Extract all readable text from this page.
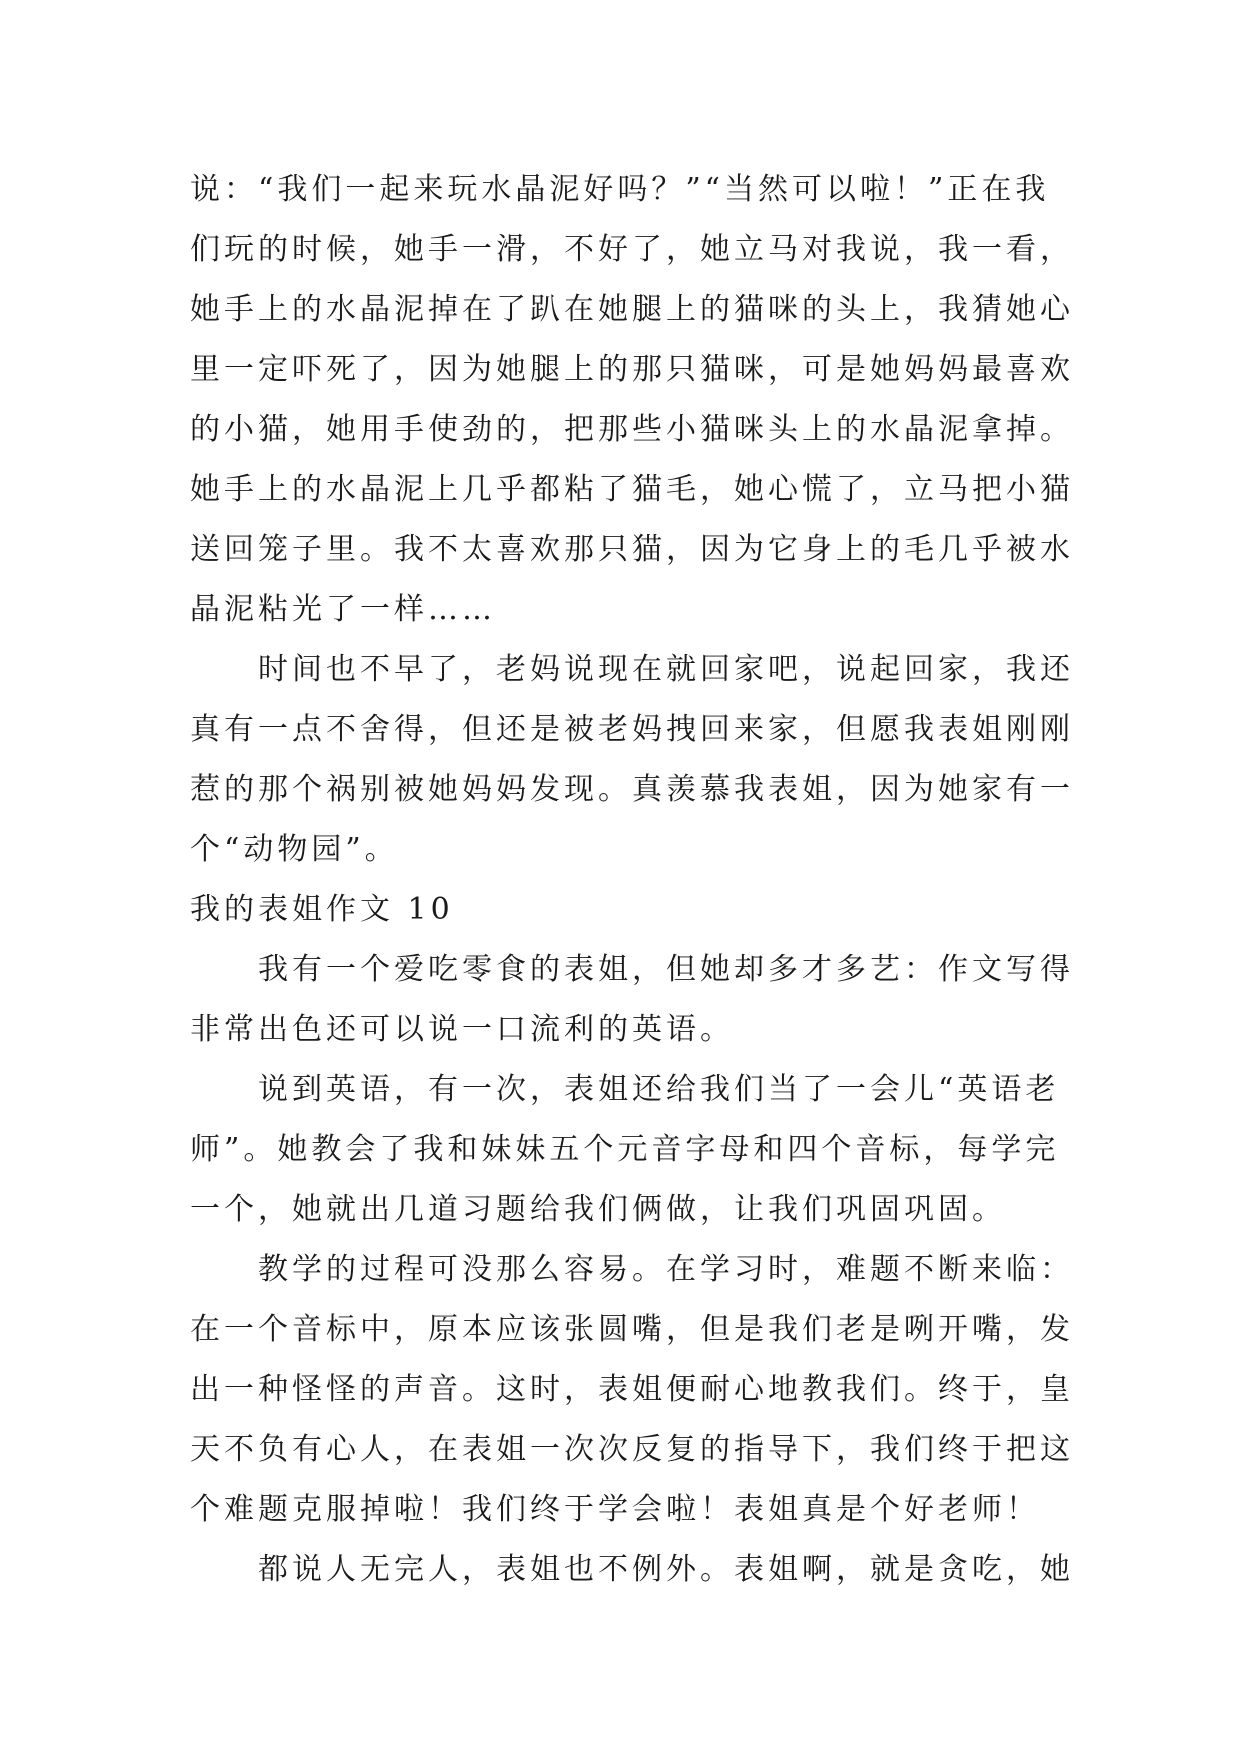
说：“我们一起来玩水晶泥好吗？”“当然可以啦！”正在我
们玩的时候，她手一滑，不好了，她立马对我说，我一看，
她手上的水晶泥掉在了趴在她腿上的猫咪的头上，我猜她心
里一定吓死了，因为她腿上的那只猫咪，可是她妈妈最喜欢
的小猫，她用手使劲的，把那些小猫咪头上的水晶泥拿掉。
她手上的水晶泥上几乎都粘了猫毛，她心慌了，立马把小猫
送回笼子里。我不太喜欢那只猫，因为它身上的毛几乎被水
晶泥粘光了一样……
时间也不早了，老妈说现在就回家吧，说起回家，我还
真有一点不舍得，但还是被老妈拽回来家，但愿我表姐刚刚
惹的那个祸别被她妈妈发现。真羡慕我表姐，因为她家有一
个“动物园”。
我的表姐作文 10
我有一个爱吃零食的表姐，但她却多才多艺：作文写得
非常出色还可以说一口流利的英语。
说到英语，有一次，表姐还给我们当了一会儿“英语老
师”。她教会了我和妹妹五个元音字母和四个音标，每学完
一个，她就出几道习题给我们俩做，让我们巩固巩固。
教学的过程可没那么容易。在学习时，难题不断来临：
在一个音标中，原本应该张圆嘴，但是我们老是咧开嘴，发
出一种怪怪的声音。这时，表姐便耐心地教我们。终于，皇
天不负有心人，在表姐一次次反复的指导下，我们终于把这
个难题克服掉啦！我们终于学会啦！表姐真是个好老师！
都说人无完人，表姐也不例外。表姐啊，就是贪吃，她
